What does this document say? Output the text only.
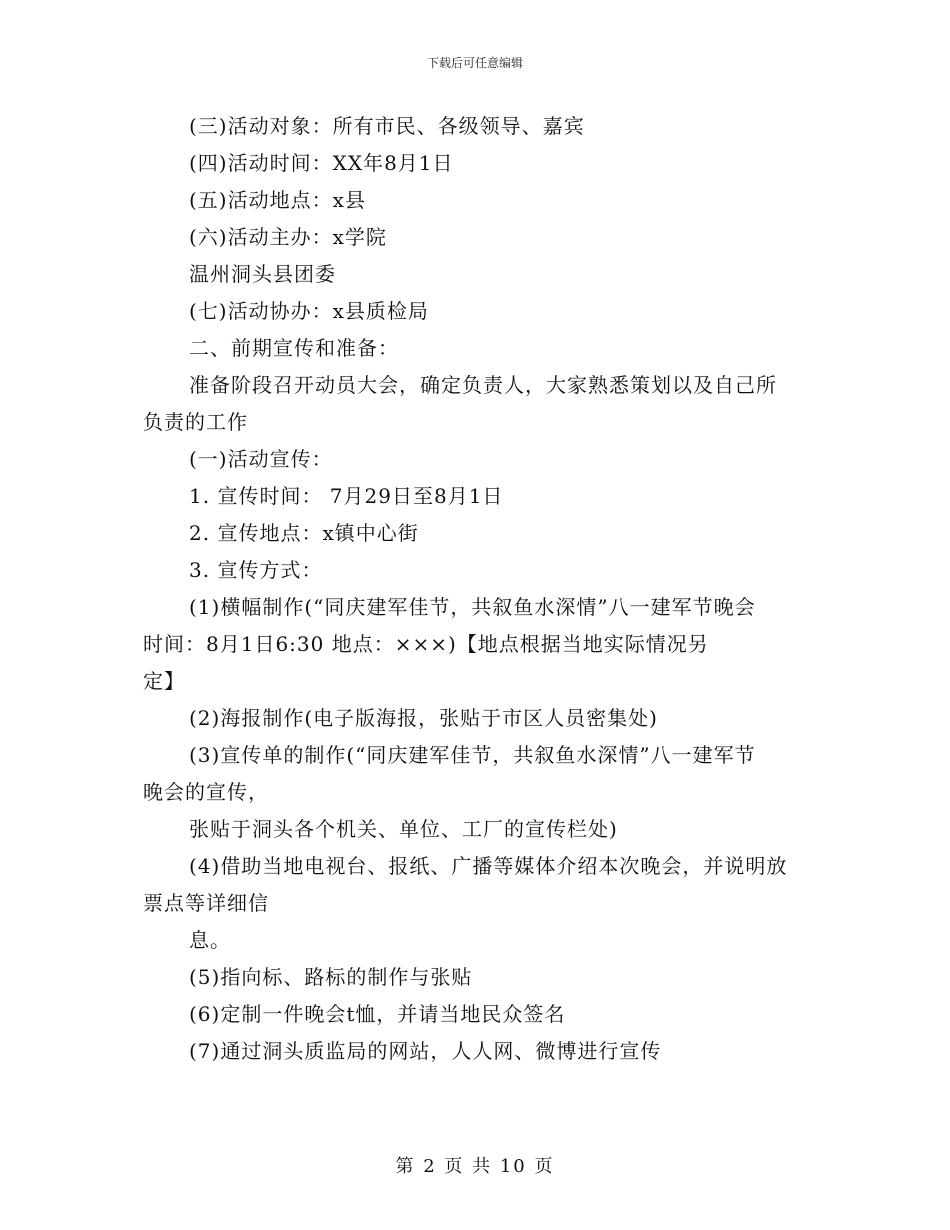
下载后可任意编辑
(三)活动对象：所有市民、各级领导、嘉宾
(四)活动时间：XX年8月1日
(五)活动地点：x县
(六)活动主办：x学院
温州洞头县团委
(七)活动协办：x县质检局
二、前期宣传和准备：
准备阶段召开动员大会，确定负责人，大家熟悉策划以及自己所
负责的工作
(一)活动宣传：
1. 宣传时间： 7月29日至8月1日
2. 宣传地点：x镇中心街
3. 宣传方式：
(1)横幅制作(“同庆建军佳节，共叙鱼水深情”八一建军节晚会
时间：8月1日6:30 地点：×××)【地点根据当地实际情况另
定】
(2)海报制作(电子版海报，张贴于市区人员密集处)
(3)宣传单的制作(“同庆建军佳节，共叙鱼水深情”八一建军节
晚会的宣传，
张贴于洞头各个机关、单位、工厂的宣传栏处)
(4)借助当地电视台、报纸、广播等媒体介绍本次晚会，并说明放
票点等详细信
息。
(5)指向标、路标的制作与张贴
(6)定制一件晚会t恤，并请当地民众签名
(7)通过洞头质监局的网站，人人网、微博进行宣传
第 2 页 共 10 页
